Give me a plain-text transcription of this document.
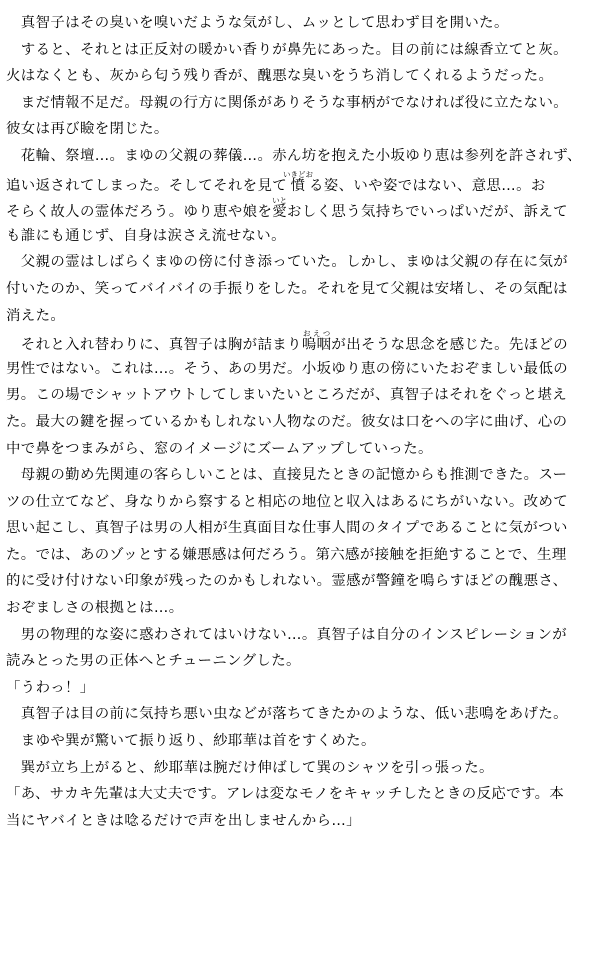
　真智子はその臭いを嗅いだような気がし、ムッとして思わず目を開いた。
　すると、それとは正反対の暖かい香りが鼻先にあった。目の前には線香立てと灰。
火はなくとも、灰から匂う残り香が、醜悪な臭いをうち消してくれるようだった。
　まだ情報不足だ。母親の行方に関係がありそうな事柄がでなければ役に立たない。
彼女は再び瞼を閉じた。
　花輪、祭壇…。まゆの父親の葬儀…。赤ん坊を抱えた小坂ゆり恵は参列を許されず、
追い返されてしまった。そしてそれを見て憤いきどおる姿、いや姿ではない、意思…。お
そらく故人の霊体だろう。ゆり恵や娘を愛いとおしく思う気持ちでいっぱいだが、訴えて
も誰にも通じず、自身は涙さえ流せない。
　父親の霊はしばらくまゆの傍に付き添っていた。しかし、まゆは父親の存在に気が
付いたのか、笑ってバイバイの手振りをした。それを見て父親は安堵し、その気配は
消えた。
　それと入れ替わりに、真智子は胸が詰まり嗚咽おえつが出そうな思念を感じた。先ほどの
男性ではない。これは…。そう、あの男だ。小坂ゆり恵の傍にいたおぞましい最低の
男。この場でシャットアウトしてしまいたいところだが、真智子はそれをぐっと堪え
た。最大の鍵を握っているかもしれない人物なのだ。彼女は口をへの字に曲げ、心の
中で鼻をつまみがら、窓のイメージにズームアップしていった。
　母親の勤め先関連の客らしいことは、直接見たときの記憶からも推測できた。スー
ツの仕立てなど、身なりから察すると相応の地位と収入はあるにちがいない。改めて
思い起こし、真智子は男の人相が生真面目な仕事人間のタイプであることに気がつい
た。では、あのゾッとする嫌悪感は何だろう。第六感が接触を拒絶することで、生理
的に受け付けない印象が残ったのかもしれない。霊感が警鐘を鳴らすほどの醜悪さ、
おぞましさの根拠とは…。
　男の物理的な姿に惑わされてはいけない…。真智子は自分のインスピレーションが
読みとった男の正体へとチューニングした。
「うわっ！」
　真智子は目の前に気持ち悪い虫などが落ちてきたかのような、低い悲鳴をあげた。
　まゆや巽が驚いて振り返り、紗耶華は首をすくめた。
　巽が立ち上がると、紗耶華は腕だけ伸ばして巽のシャツを引っ張った。
「あ、サカキ先輩は大丈夫です。アレは変なモノをキャッチしたときの反応です。本
当にヤバイときは唸るだけで声を出しませんから…」
